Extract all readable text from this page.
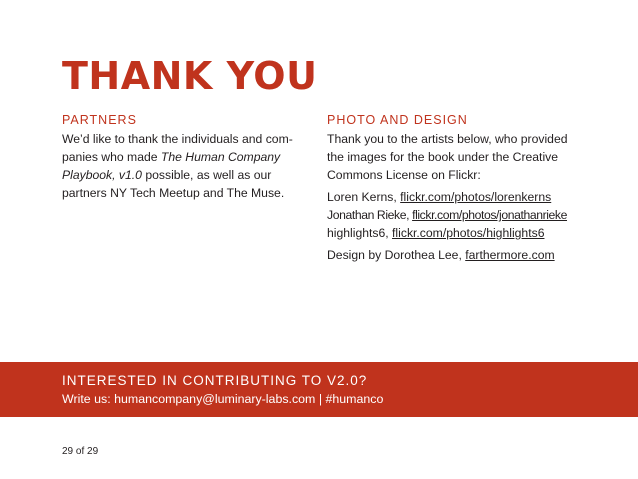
THANK YOU
PARTNERS

We’d like to thank the individuals and com-
panies who made The Human Company
Playbook, v1.0 possible, as well as our
partners NY Tech Meetup and The Muse.

PHOTO AND DESIGN

Thank you to the artists below, who provided
the images for the book under the Creative
Commons License on Flickr:

Loren Kerns, flickr.com/photos/lorenkerns
Jonathan Rieke, flickr.com/photos/jonathanrieke
highlights6, flickr.com/photos/highlights6

Design by Dorothea Lee, farthermore.com

INTERESTED IN CONTRIBUTING TO V2.0?
Write us: humancompany@luminary-labs.com | #humanco
29 of 29
